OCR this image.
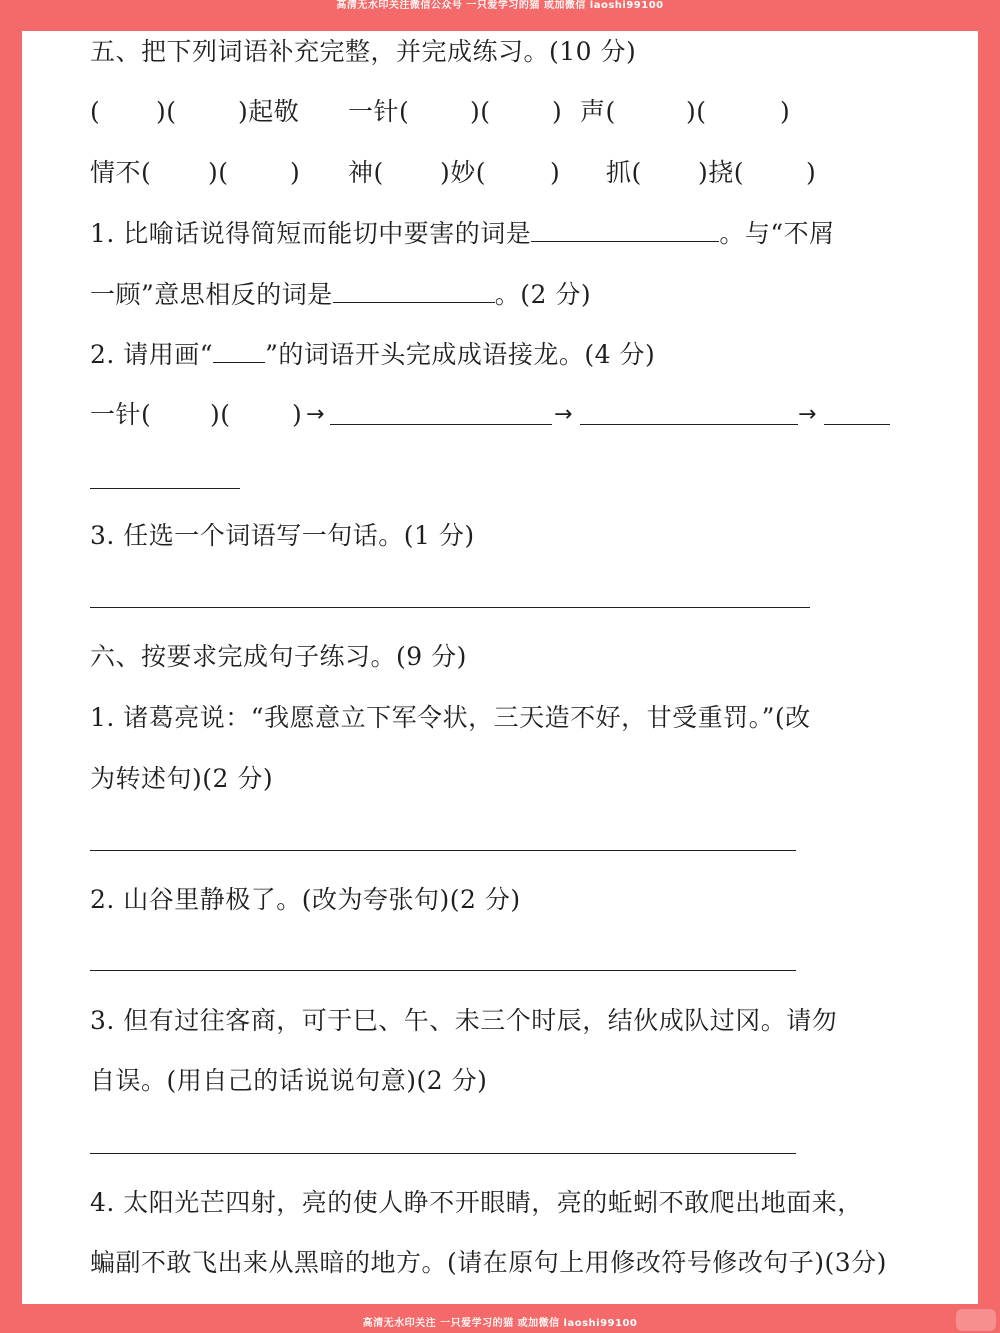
高清无水印关注微信公众号 一只爱学习的猫 或加微信 laoshi99100
五、把下列词语补充完整，并完成练习。(10 分)
( )( )起敬 一针( )( ) 声(	)(	)
情不( )( ) 神( )妙(	) 抓( )挠( )
1. 比喻话说得简短而能切中要害的词是	。与“不屑
一顾”意思相反的词是	。(2 分)
2. 请用画“ ”的词语开头完成成语接龙。(4 分)
一针( )( ) →	→	→
3. 任选一个词语写一句话。(1 分)
六、按要求完成句子练习。(9 分)
1. 诸葛亮说：“我愿意立下军令状，三天造不好，甘受重罚。”(改
为转述句)(2 分)
2. 山谷里静极了。(改为夸张句)(2 分)
3. 但有过往客商，可于巳、午、未三个时辰，结伙成队过冈。请勿
自误。(用自己的话说说句意)(2 分)
4. 太阳光芒四射，亮的使人睁不开眼睛，亮的蚯蚓不敢爬出地面来，
蝙副不敢飞出来从黑暗的地方。(请在原句上用修改符号修改句子)(3分)
高清无水印关注 一只爱学习的猫 或加微信 laoshi99100
